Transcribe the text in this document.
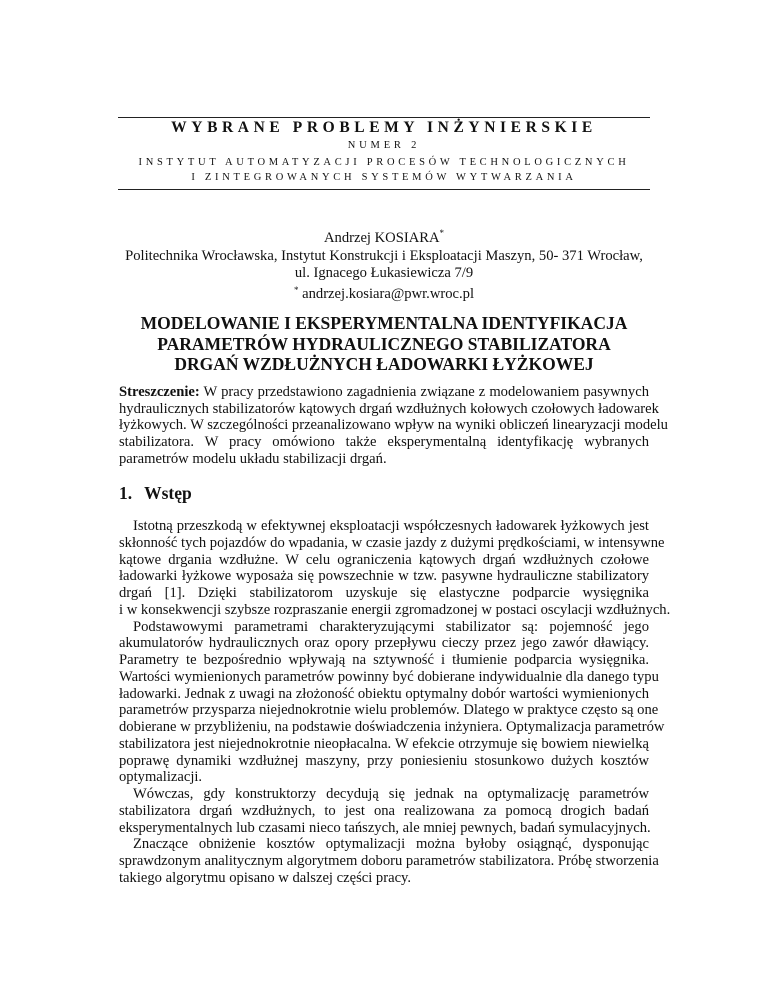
WYBRANE PROBLEMY INŻYNIERSKIE
NUMER 2
INSTYTUT AUTOMATYZACJI PROCESÓW TECHNOLOGICZNYCH
I ZINTEGROWANYCH SYSTEMÓW WYTWARZANIA
Andrzej KOSIARA*
Politechnika Wrocławska, Instytut Konstrukcji i Eksploatacji Maszyn, 50- 371 Wrocław,
ul. Ignacego Łukasiewicza 7/9
* andrzej.kosiara@pwr.wroc.pl
MODELOWANIE I EKSPERYMENTALNA IDENTYFIKACJA
PARAMETRÓW HYDRAULICZNEGO STABILIZATORA
DRGAŃ WZDŁUŻNYCH ŁADOWARKI ŁYŻKOWEJ
Streszczenie: W pracy przedstawiono zagadnienia związane z modelowaniem pasywnych
hydraulicznych stabilizatorów kątowych drgań wzdłużnych kołowych czołowych ładowarek
łyżkowych. W szczególności przeanalizowano wpływ na wyniki obliczeń linearyzacji modelu
stabilizatora. W pracy omówiono także eksperymentalną identyfikację wybranych
parametrów modelu układu stabilizacji drgań.
1. Wstęp
Istotną przeszkodą w efektywnej eksploatacji współczesnych ładowarek łyżkowych jest
skłonność tych pojazdów do wpadania, w czasie jazdy z dużymi prędkościami, w intensywne
kątowe drgania wzdłużne. W celu ograniczenia kątowych drgań wzdłużnych czołowe
ładowarki łyżkowe wyposaża się powszechnie w tzw. pasywne hydrauliczne stabilizatory
drgań [1]. Dzięki stabilizatorom uzyskuje się elastyczne podparcie wysięgnika
i w konsekwencji szybsze rozpraszanie energii zgromadzonej w postaci oscylacji wzdłużnych.
Podstawowymi parametrami charakteryzującymi stabilizator są: pojemność jego
akumulatorów hydraulicznych oraz opory przepływu cieczy przez jego zawór dławiący.
Parametry te bezpośrednio wpływają na sztywność i tłumienie podparcia wysięgnika.
Wartości wymienionych parametrów powinny być dobierane indywidualnie dla danego typu
ładowarki. Jednak z uwagi na złożoność obiektu optymalny dobór wartości wymienionych
parametrów przysparza niejednokrotnie wielu problemów. Dlatego w praktyce często są one
dobierane w przybliżeniu, na podstawie doświadczenia inżyniera. Optymalizacja parametrów
stabilizatora jest niejednokrotnie nieopłacalna. W efekcie otrzymuje się bowiem niewielką
poprawę dynamiki wzdłużnej maszyny, przy poniesieniu stosunkowo dużych kosztów
optymalizacji.
Wówczas, gdy konstruktorzy decydują się jednak na optymalizację parametrów
stabilizatora drgań wzdłużnych, to jest ona realizowana za pomocą drogich badań
eksperymentalnych lub czasami nieco tańszych, ale mniej pewnych, badań symulacyjnych.
Znaczące obniżenie kosztów optymalizacji można byłoby osiągnąć, dysponując
sprawdzonym analitycznym algorytmem doboru parametrów stabilizatora. Próbę stworzenia
takiego algorytmu opisano w dalszej części pracy.
